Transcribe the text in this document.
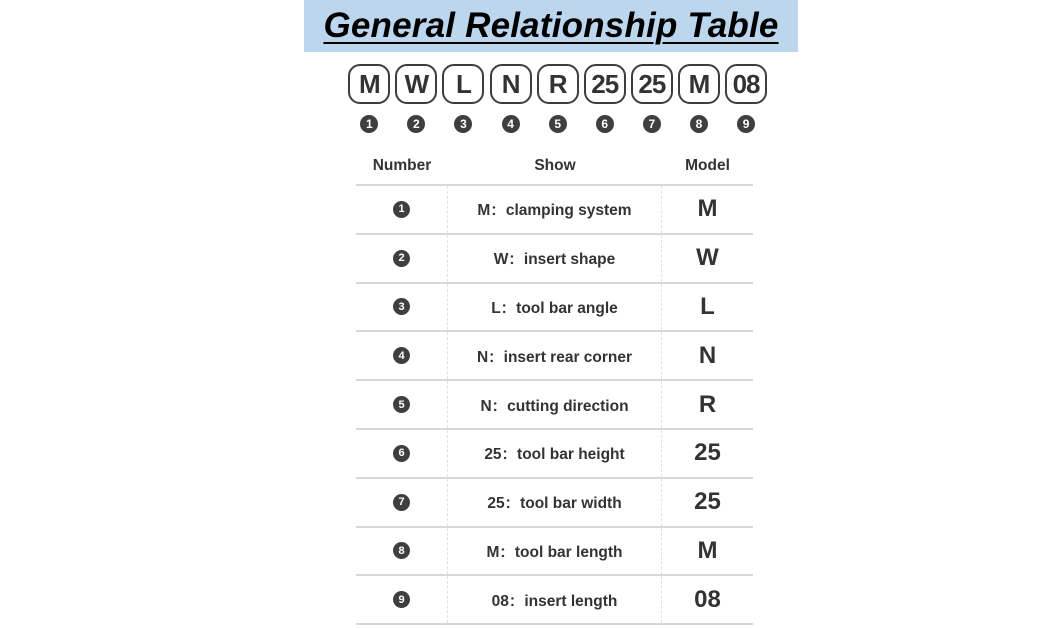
General Relationship Table
M
1
W
2
L
3
N
4
R
5
25
6
25
7
M
8
08
9
Number	Show	Model
1	M：clamping system	M
2	W：insert shape	W
3	L：tool bar angle	L
4	N：insert rear corner	N
5	N：cutting direction	R
6	25：tool bar height	25
7	25：tool bar width	25
8	M：tool bar length	M
9	08：insert length	08
